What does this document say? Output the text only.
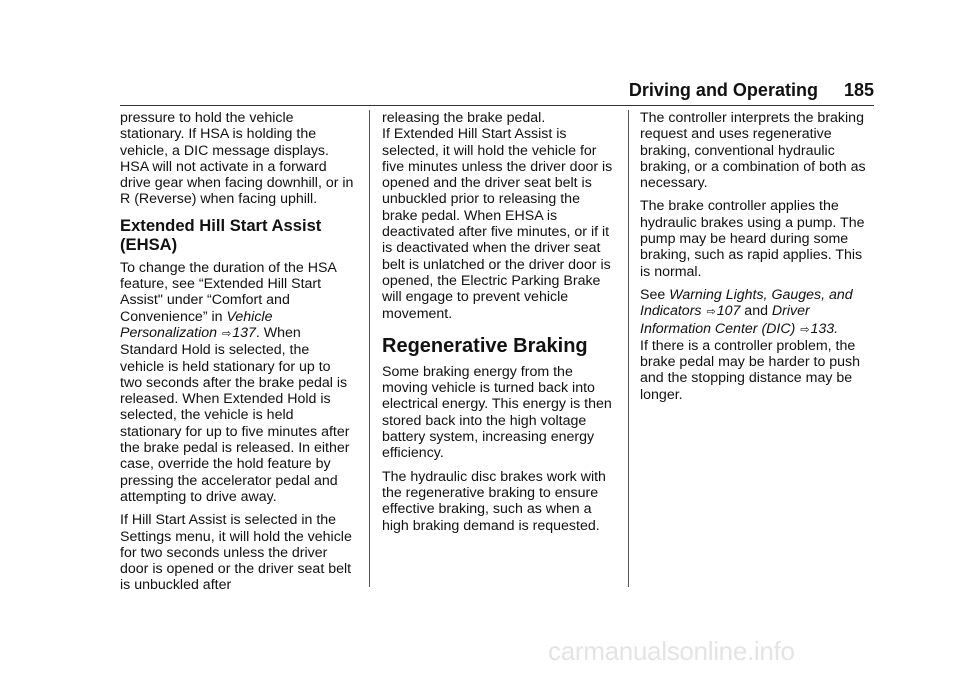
Driving and Operating 185

pressure to hold the vehicle stationary. If HSA is holding the vehicle, a DIC message displays. HSA will not activate in a forward drive gear when facing downhill, or in R (Reverse) when facing uphill.

Extended Hill Start Assist (EHSA)

To change the duration of the HSA feature, see “Extended Hill Start Assist" under “Comfort and Convenience” in Vehicle Personalization ⇨137. When Standard Hold is selected, the vehicle is held stationary for up to two seconds after the brake pedal is released. When Extended Hold is selected, the vehicle is held stationary for up to five minutes after the brake pedal is released. In either case, override the hold feature by pressing the accelerator pedal and attempting to drive away.

If Hill Start Assist is selected in the Settings menu, it will hold the vehicle for two seconds unless the driver door is opened or the driver seat belt is unbuckled after

releasing the brake pedal.

If Extended Hill Start Assist is selected, it will hold the vehicle for five minutes unless the driver door is opened and the driver seat belt is unbuckled prior to releasing the brake pedal. When EHSA is deactivated after five minutes, or if it is deactivated when the driver seat belt is unlatched or the driver door is opened, the Electric Parking Brake will engage to prevent vehicle movement.

Regenerative Braking

Some braking energy from the moving vehicle is turned back into electrical energy. This energy is then stored back into the high voltage battery system, increasing energy efficiency.

The hydraulic disc brakes work with the regenerative braking to ensure effective braking, such as when a high braking demand is requested.

The controller interprets the braking request and uses regenerative braking, conventional hydraulic braking, or a combination of both as necessary.

The brake controller applies the hydraulic brakes using a pump. The pump may be heard during some braking, such as rapid applies. This is normal.

See Warning Lights, Gauges, and Indicators ⇨107 and Driver Information Center (DIC) ⇨133.

If there is a controller problem, the brake pedal may be harder to push and the stopping distance may be longer.

carmanualsonline.info
